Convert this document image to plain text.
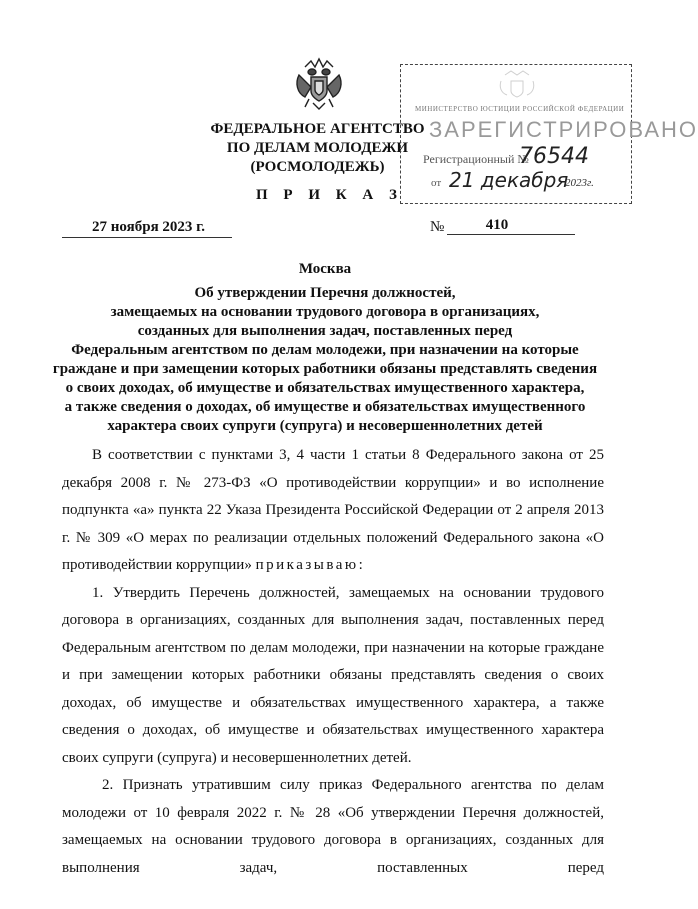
ФЕДЕРАЛЬНОЕ АГЕНТСТВО
ПО ДЕЛАМ МОЛОДЕЖИ
(РОСМОЛОДЕЖЬ)
МИНИСТЕРСТВО ЮСТИЦИИ РОССИЙСКОЙ ФЕДЕРАЦИИ
ЗАРЕГИСТРИРОВАНО
Регистрационный №
76544
от 21 декабря
2023г.
П Р И К А З
27 ноября 2023 г.	№	410
Москва
Об утверждении Перечня должностей,
замещаемых на основании трудового договора в организациях,
созданных для выполнения задач, поставленных перед
Федеральным агентством по делам молодежи, при назначении на которые
граждане и при замещении которых работники обязаны представлять сведения
о своих доходах, об имуществе и обязательствах имущественного характера,
а также сведения о доходах, об имуществе и обязательствах имущественного
характера своих супруги (супруга) и несовершеннолетних детей

В соответствии с пунктами 3, 4 части 1 статьи 8 Федерального закона от 25 декабря 2008 г. № 273-ФЗ «О противодействии коррупции» и во исполнение подпункта «а» пункта 22 Указа Президента Российской Федерации от 2 апреля 2013 г. № 309 «О мерах по реализации отдельных положений Федерального закона «О противодействии коррупции» приказываю:

1. Утвердить Перечень должностей, замещаемых на основании трудового договора в организациях, созданных для выполнения задач, поставленных перед Федеральным агентством по делам молодежи, при назначении на которые граждане и при замещении которых работники обязаны представлять сведения о своих доходах, об имуществе и обязательствах имущественного характера, а также сведения о доходах, об имуществе и обязательствах имущественного характера своих супруги (супруга) и несовершеннолетних детей.

2. Признать утратившим силу приказ Федерального агентства по делам молодежи от 10 февраля 2022 г. № 28 «Об утверждении Перечня должностей, замещаемых на основании трудового договора в организациях, созданных для выполнения задач, поставленных перед
